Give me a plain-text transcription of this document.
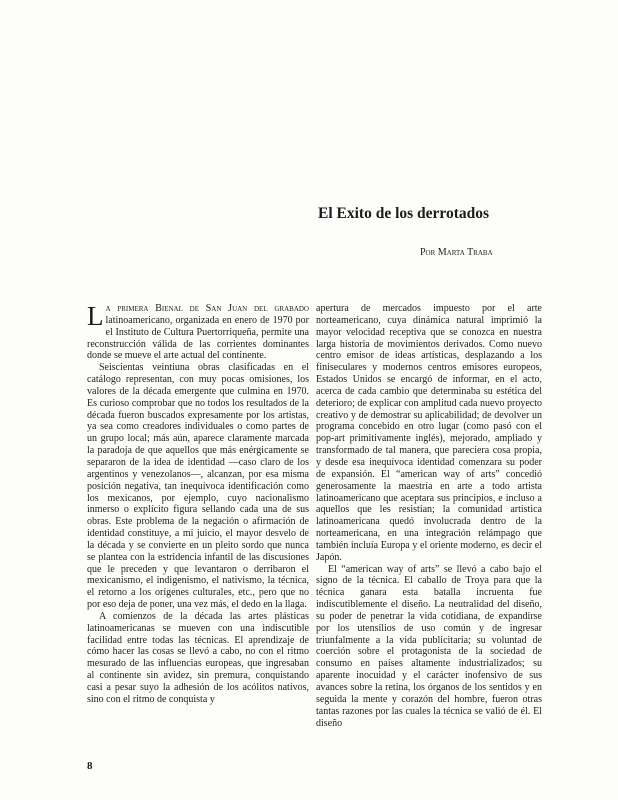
El Exito de los derrotados
Por Marta Traba

La primera Bienal de San Juan del grabado latinoamericano, organizada en enero de 1970 por el Instituto de Cultura Puertorriqueña, permite una reconstrucción válida de las corrientes dominantes donde se mueve el arte actual del continente.

Seiscientas veintiuna obras clasificadas en el catálogo representan, con muy pocas omisiones, los valores de la década emergente que culmina en 1970. Es curioso comprobar que no todos los resultados de la década fueron buscados expresamente por los artistas, ya sea como creadores individuales o como partes de un grupo local; más aún, aparece claramente marcada la paradoja de que aquellos que más enérgicamente se separaron de la idea de identidad —caso claro de los argentinos y venezolanos—, alcanzan, por esa misma posición negativa, tan inequívoca identificación como los mexicanos, por ejemplo, cuyo nacionalismo inmerso o explícito figura sellando cada una de sus obras. Este problema de la negación o afirmación de identidad constituye, a mi juicio, el mayor desvelo de la década y se convierte en un pleito sordo que nunca se plantea con la estridencia infantil de las discusiones que le preceden y que levantaron o derribaron el mexicanismo, el indigenismo, el nativismo, la técnica, el retorno a los orígenes culturales, etc., pero que no por eso deja de poner, una vez más, el dedo en la llaga.

A comienzos de la década las artes plásticas latinoamericanas se mueven con una indiscutible facilidad entre todas las técnicas. El aprendizaje de cómo hacer las cosas se llevó a cabo, no con el ritmo mesurado de las influencias europeas, que ingresaban al continente sin avidez, sin premura, conquistando casi a pesar suyo la adhesión de los acólitos nativos, sino con el ritmo de conquista y

apertura de mercados impuesto por el arte norteamericano, cuya dinámica natural imprimió la mayor velocidad receptiva que se conozca en nuestra larga historia de movimientos derivados. Como nuevo centro emisor de ideas artísticas, desplazando a los finiseculares y modernos centros emisores europeos, Estados Unidos se encargó de informar, en el acto, acerca de cada cambio que determinaba su estética del deterioro; de explicar con amplitud cada nuevo proyecto creativo y de demostrar su aplicabilidad; de devolver un programa concebido en otro lugar (como pasó con el pop-art primitivamente inglés), mejorado, ampliado y transformado de tal manera, que pareciera cosa propia, y desde esa inequívoca identidad comenzara su poder de expansión. El “american way of arts” concedió generosamente la maestría en arte a todo artista latinoamericano que aceptara sus principios, e incluso a aquellos que les resistían; la comunidad artística latinoamericana quedó involucrada dentro de la norteamericana, en una integración relámpago que también incluía Europa y el oriente moderno, es decir el Japón.

El “american way of arts” se llevó a cabo bajo el signo de la técnica. El caballo de Troya para que la técnica ganara esta batalla incruenta fue indiscutiblemente el diseño. La neutralidad del diseño, su poder de penetrar la vida cotidiana, de expandirse por los utensilios de uso común y de ingresar triunfalmente a la vida publicitaria; su voluntad de coerción sobre el protagonista de la sociedad de consumo en países altamente industrializados; su aparente inocuidad y el carácter inofensivo de sus avances sobre la retina, los órganos de los sentidos y en seguida la mente y corazón del hombre, fueron otras tantas razones por las cuales la técnica se valió de él. El diseño

8
